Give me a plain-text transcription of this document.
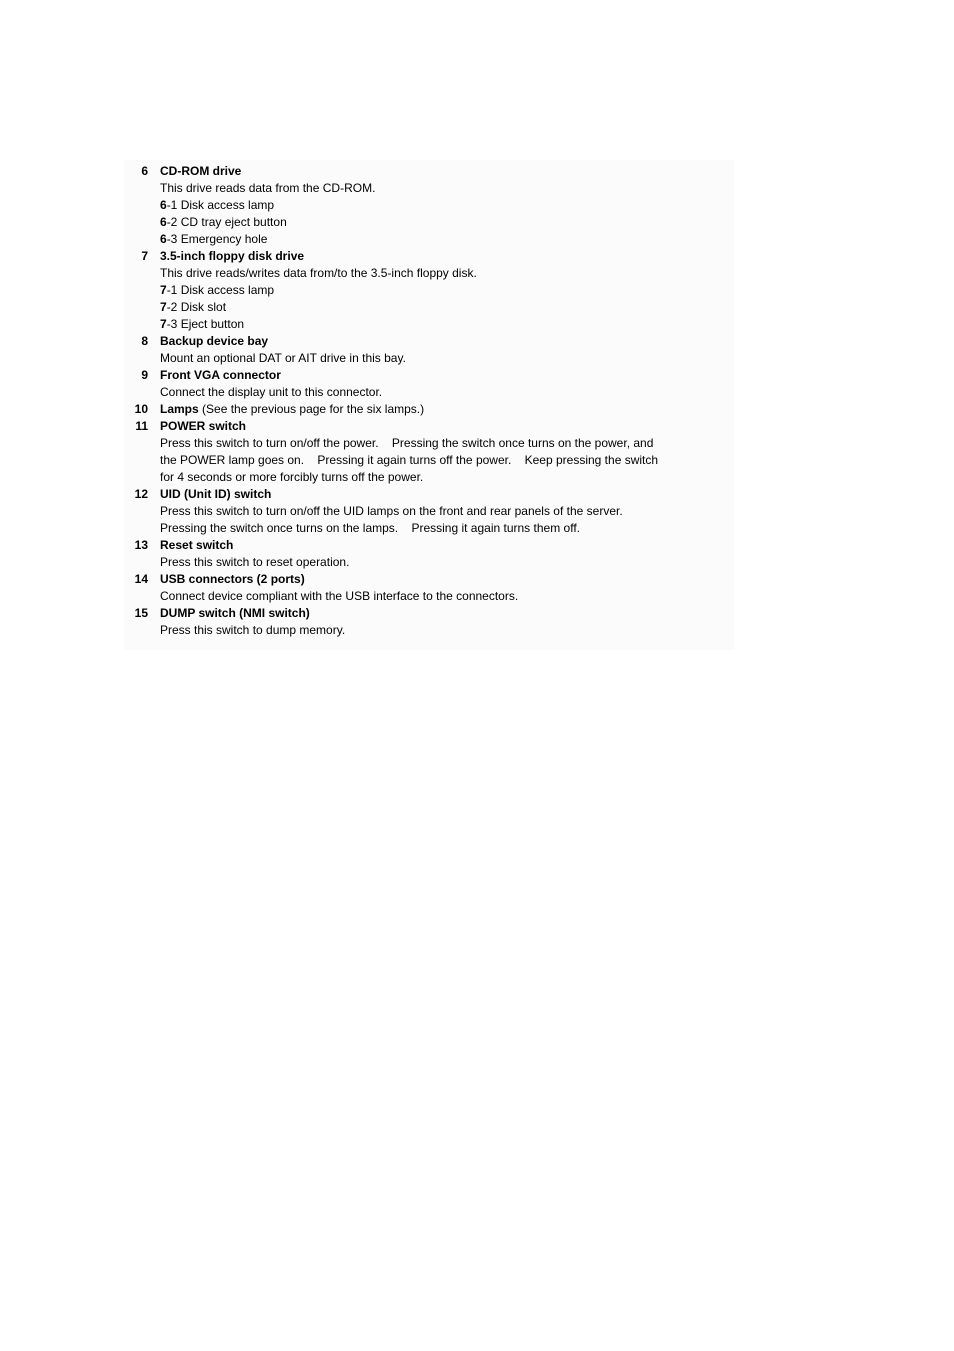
6 CD-ROM drive
This drive reads data from the CD-ROM.
6-1 Disk access lamp
6-2 CD tray eject button
6-3 Emergency hole
7 3.5-inch floppy disk drive
This drive reads/writes data from/to the 3.5-inch floppy disk.
7-1 Disk access lamp
7-2 Disk slot
7-3 Eject button
8 Backup device bay
Mount an optional DAT or AIT drive in this bay.
9 Front VGA connector
Connect the display unit to this connector.
10 Lamps (See the previous page for the six lamps.)
11 POWER switch
Press this switch to turn on/off the power.    Pressing the switch once turns on the power, and
the POWER lamp goes on.    Pressing it again turns off the power.    Keep pressing the switch
for 4 seconds or more forcibly turns off the power.
12 UID (Unit ID) switch
Press this switch to turn on/off the UID lamps on the front and rear panels of the server.
Pressing the switch once turns on the lamps.    Pressing it again turns them off.
13 Reset switch
Press this switch to reset operation.
14 USB connectors (2 ports)
Connect device compliant with the USB interface to the connectors.
15 DUMP switch (NMI switch)
Press this switch to dump memory.
